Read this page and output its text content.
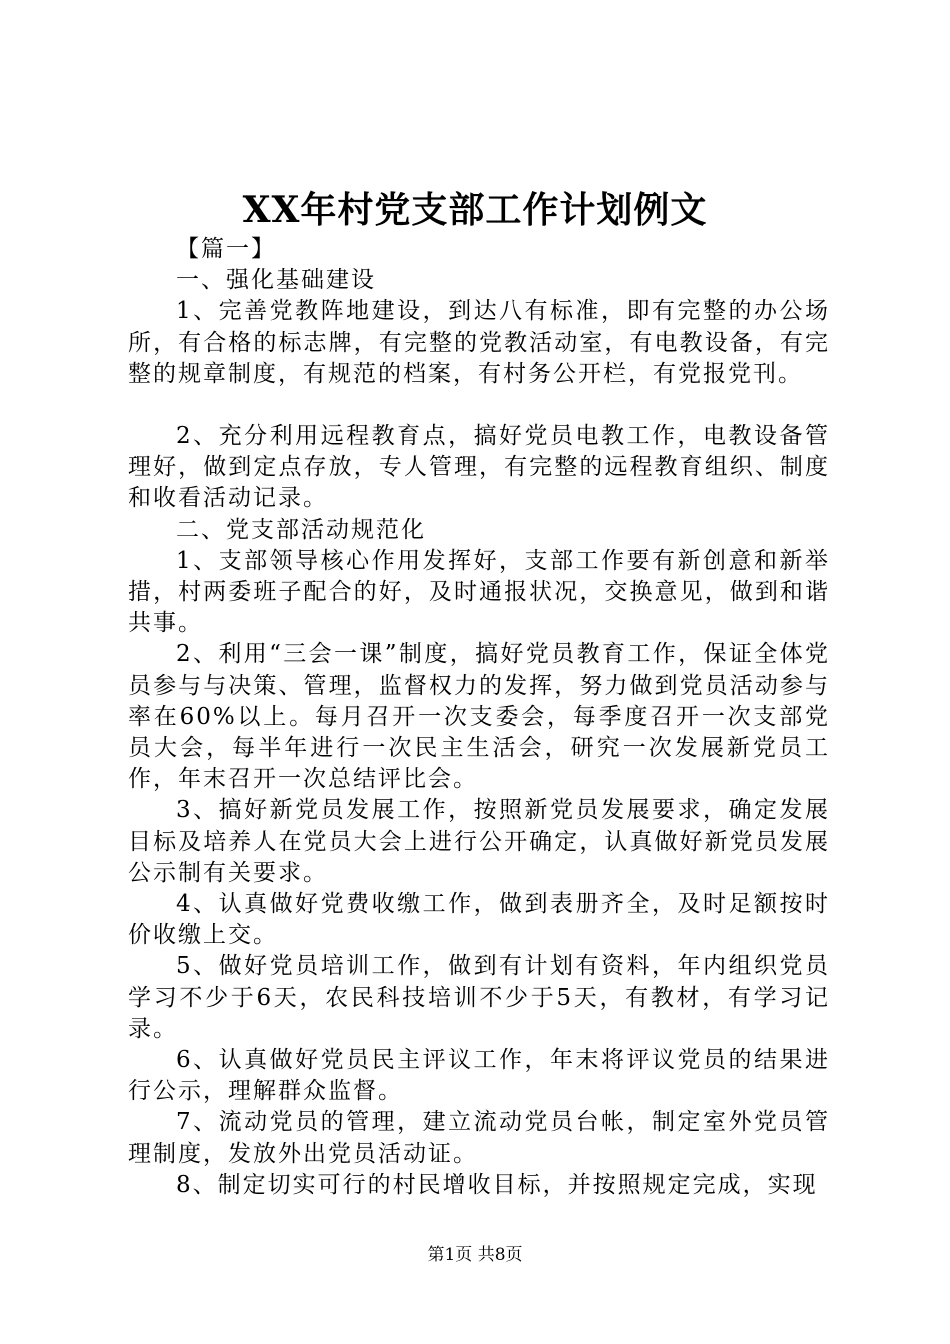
XX年村党支部工作计划例文

【篇一】

一、强化基础建设

1、完善党教阵地建设，到达八有标准，即有完整的办公场所，有合格的标志牌，有完整的党教活动室，有电教设备，有完整的规章制度，有规范的档案，有村务公开栏，有党报党刊。

2、充分利用远程教育点，搞好党员电教工作，电教设备管理好，做到定点存放，专人管理，有完整的远程教育组织、制度和收看活动记录。

二、党支部活动规范化

1、支部领导核心作用发挥好，支部工作要有新创意和新举措，村两委班子配合的好，及时通报状况，交换意见，做到和谐共事。

2、利用“三会一课”制度，搞好党员教育工作，保证全体党员参与与决策、管理，监督权力的发挥，努力做到党员活动参与率在60%以上。每月召开一次支委会，每季度召开一次支部党员大会，每半年进行一次民主生活会，研究一次发展新党员工作，年末召开一次总结评比会。

3、搞好新党员发展工作，按照新党员发展要求，确定发展目标及培养人在党员大会上进行公开确定，认真做好新党员发展公示制有关要求。

4、认真做好党费收缴工作，做到表册齐全，及时足额按时价收缴上交。

5、做好党员培训工作，做到有计划有资料，年内组织党员学习不少于6天，农民科技培训不少于5天，有教材，有学习记录。

6、认真做好党员民主评议工作，年末将评议党员的结果进行公示，理解群众监督。

7、流动党员的管理，建立流动党员台帐，制定室外党员管理制度，发放外出党员活动证。

8、制定切实可行的村民增收目标，并按照规定完成，实现

第1页 共8页
